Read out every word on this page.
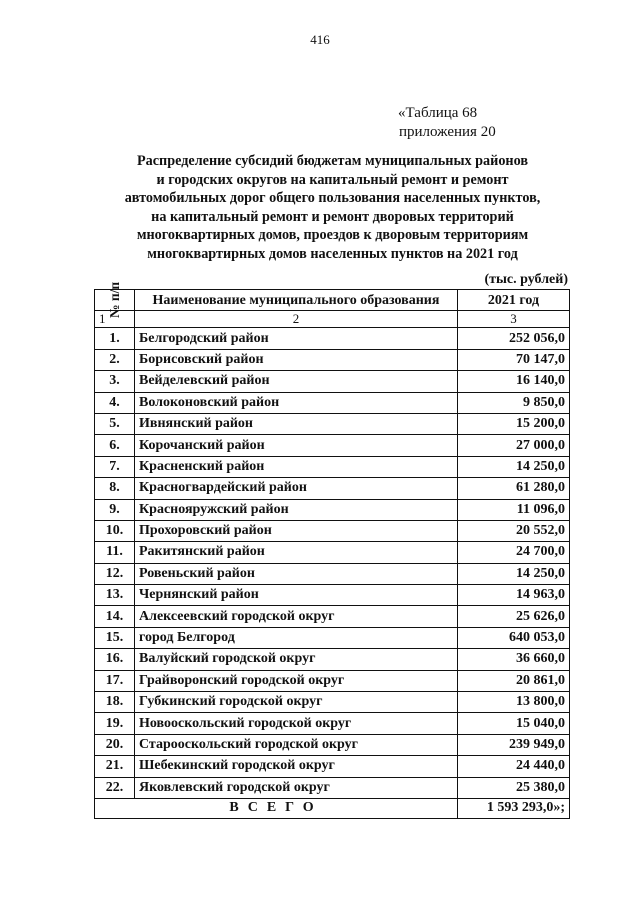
416
«Таблица 68
приложения 20
Распределение субсидий бюджетам муниципальных районов
и городских округов на капитальный ремонт и ремонт
автомобильных дорог общего пользования населенных пунктов,
на капитальный ремонт и ремонт дворовых территорий
многоквартирных домов, проездов к дворовым территориям
многоквартирных домов населенных пунктов на 2021 год
(тыс. рублей)
№ п/п	Наименование муниципального образования	2021 год
1	2	3
1.	Белгородский район	252 056,0
2.	Борисовский район	70 147,0
3.	Вейделевский район	16 140,0
4.	Волоконовский район	9 850,0
5.	Ивнянский район	15 200,0
6.	Корочанский район	27 000,0
7.	Красненский район	14 250,0
8.	Красногвардейский район	61 280,0
9.	Краснояружский район	11 096,0
10.	Прохоровский район	20 552,0
11.	Ракитянский район	24 700,0
12.	Ровеньский район	14 250,0
13.	Чернянский район	14 963,0
14.	Алексеевский городской округ	25 626,0
15.	город Белгород	640 053,0
16.	Валуйский городской округ	36 660,0
17.	Грайворонский городской округ	20 861,0
18.	Губкинский городской округ	13 800,0
19.	Новооскольский городской округ	15 040,0
20.	Старооскольский городской округ	239 949,0
21.	Шебекинский городской округ	24 440,0
22.	Яковлевский городской округ	25 380,0
ВСЕГО		1 593 293,0»;
